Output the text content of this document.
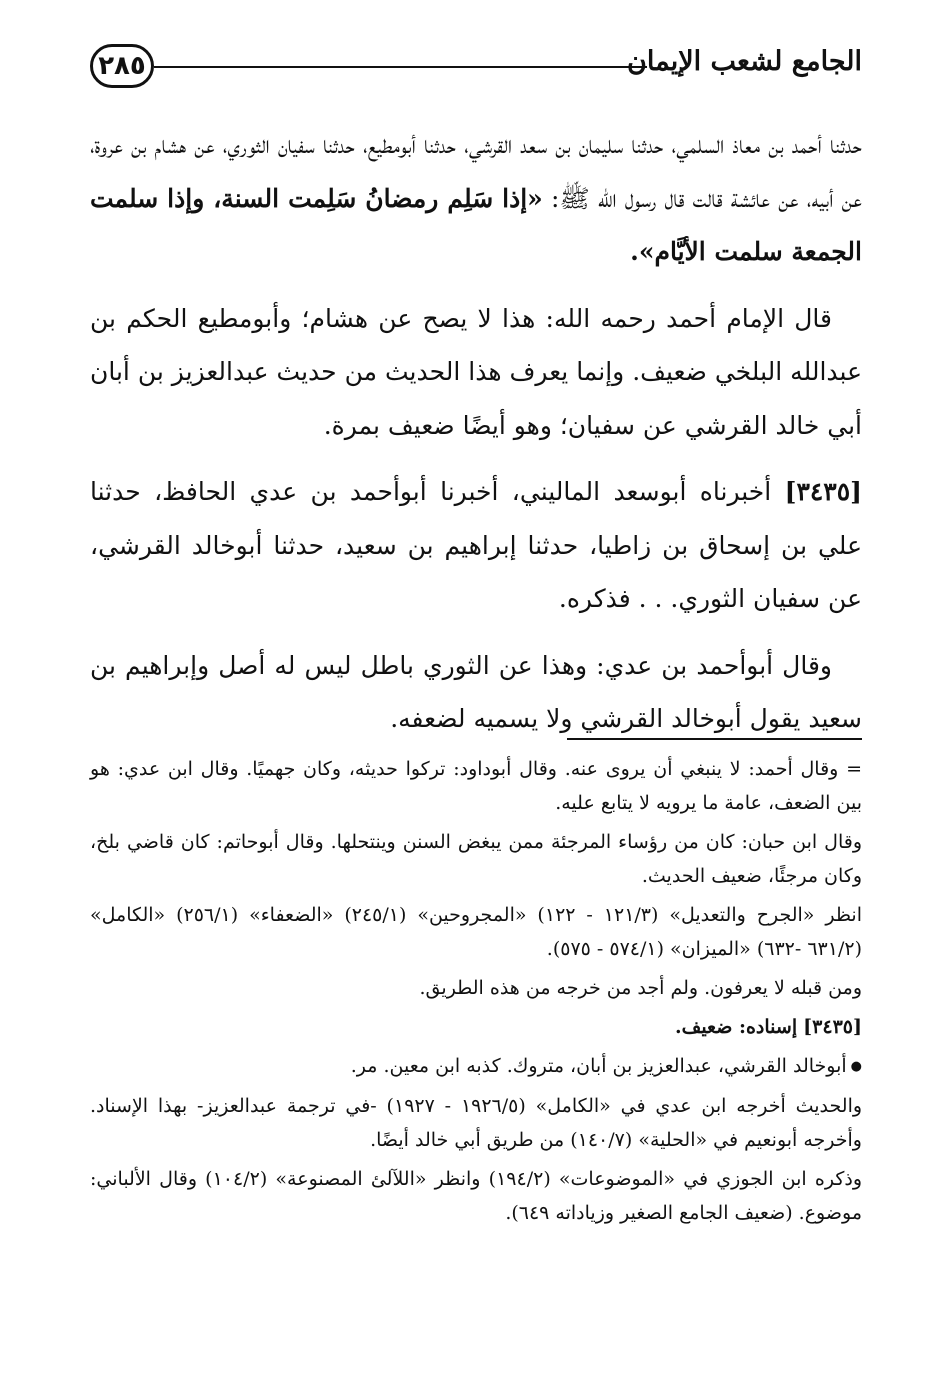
٢٨٥	الجامع لشعب الإيمان

حدثنا أحمد بن معاذ السلمي، حدثنا سليمان بن سعد القرشي، حدثنا أبومطيع، حدثنا سفيان الثوري، عن هشام بن عروة، عن أبيه، عن عائشة قالت قال رسول الله ﷺ: «إذا سَلِم رمضانُ سَلِمت السنة، وإذا سلمت الجمعة سلمت الأيَّام».

قال الإمام أحمد رحمه الله: هذا لا يصح عن هشام؛ وأبومطيع الحكم بن عبدالله البلخي ضعيف. وإنما يعرف هذا الحديث من حديث عبدالعزيز بن أبان أبي خالد القرشي عن سفيان؛ وهو أيضًا ضعيف بمرة.

[٣٤٣٥] أخبرناه أبوسعد الماليني، أخبرنا أبوأحمد بن عدي الحافظ، حدثنا علي بن إسحاق بن زاطيا، حدثنا إبراهيم بن سعيد، حدثنا أبوخالد القرشي، عن سفيان الثوري. . . فذكره.

وقال أبوأحمد بن عدي: وهذا عن الثوري باطل ليس له أصل وإبراهيم بن سعيد يقول أبوخالد القرشي ولا يسميه لضعفه.

= وقال أحمد: لا ينبغي أن يروى عنه. وقال أبوداود: تركوا حديثه، وكان جهميًا. وقال ابن عدي: هو بين الضعف، عامة ما يرويه لا يتابع عليه.

وقال ابن حبان: كان من رؤساء المرجئة ممن يبغض السنن وينتحلها. وقال أبوحاتم: كان قاضي بلخ، وكان مرجئًا، ضعيف الحديث.

انظر «الجرح والتعديل» (١٢١/٣ - ١٢٢) «المجروحين» (٢٤٥/١) «الضعفاء» (٢٥٦/١) «الكامل» (٦٣١/٢ -٦٣٢) «الميزان» (٥٧٤/١ - ٥٧٥).

ومن قبله لا يعرفون. ولم أجد من خرجه من هذه الطريق.

[٣٤٣٥] إسناده: ضعيف.

● أبوخالد القرشي، عبدالعزيز بن أبان، متروك. كذبه ابن معين. مر.

والحديث أخرجه ابن عدي في «الكامل» (١٩٢٦/٥ - ١٩٢٧) -في ترجمة عبدالعزيز- بهذا الإسناد. وأخرجه أبونعيم في «الحلية» (١٤٠/٧) من طريق أبي خالد أيضًا.

وذكره ابن الجوزي في «الموضوعات» (١٩٤/٢) وانظر «اللآلئ المصنوعة» (١٠٤/٢) وقال الألباني: موضوع. (ضعيف الجامع الصغير وزياداته ٦٤٩).
